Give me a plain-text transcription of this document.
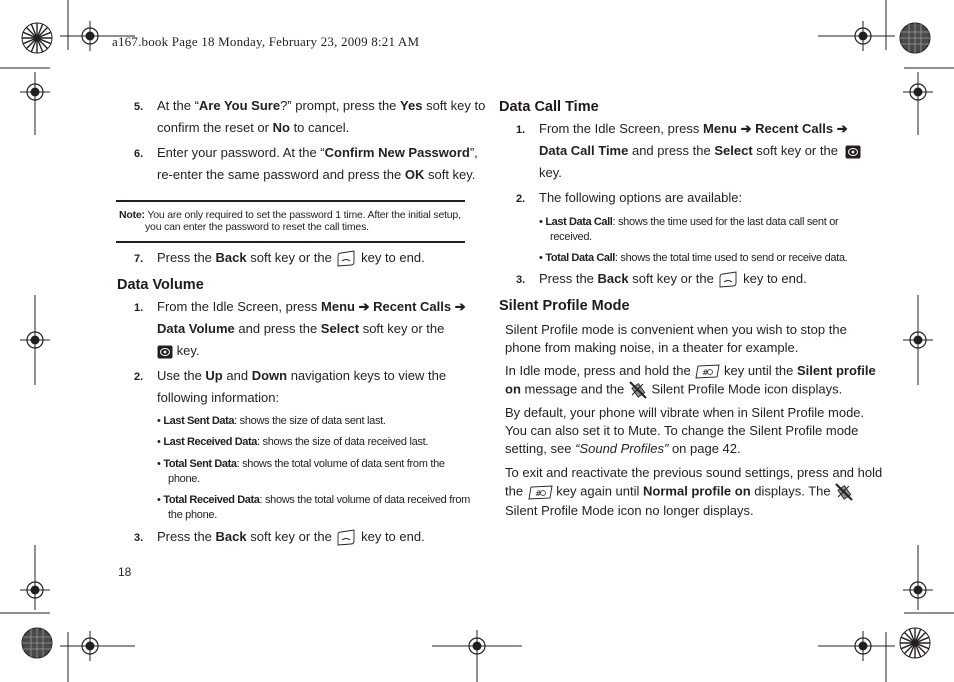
a167.book Page 18 Monday, February 23, 2009 8:21 AM
5. At the “Are You Sure?” prompt, press the Yes soft key to
confirm the reset or No to cancel.
6. Enter your password. At the “Confirm New Password”,
re-enter the same password and press the OK soft key.
Note: You are only required to set the password 1 time. After the initial setup,
you can enter the password to reset the call times.
7. Press the Back soft key or the  key to end.
Data Volume
1. From the Idle Screen, press Menu ➔ Recent Calls ➔
Data Volume and press the Select soft key or the
key.
2. Use the Up and Down navigation keys to view the
following information:
• Last Sent Data: shows the size of data sent last.
• Last Received Data: shows the size of data received last.
• Total Sent Data: shows the total volume of data sent from the
phone.
• Total Received Data: shows the total volume of data received from
the phone.
3. Press the Back soft key or the  key to end.
18
Data Call Time
1. From the Idle Screen, press Menu ➔ Recent Calls ➔
Data Call Time and press the Select soft key or the
key.
2. The following options are available:
• Last Data Call: shows the time used for the last data call sent or
received.
• Total Data Call: shows the total time used to send or receive data.
3. Press the Back soft key or the  key to end.
Silent Profile Mode
Silent Profile mode is convenient when you wish to stop the
phone from making noise, in a theater for example.
In Idle mode, press and hold the # key until the Silent profile
on message and the  Silent Profile Mode icon displays.
By default, your phone will vibrate when in Silent Profile mode.
You can also set it to Mute. To change the Silent Profile mode
setting, see “Sound Profiles” on page 42.
To exit and reactivate the previous sound settings, press and hold
the # key again until Normal profile on displays. The
Silent Profile Mode icon no longer displays.
